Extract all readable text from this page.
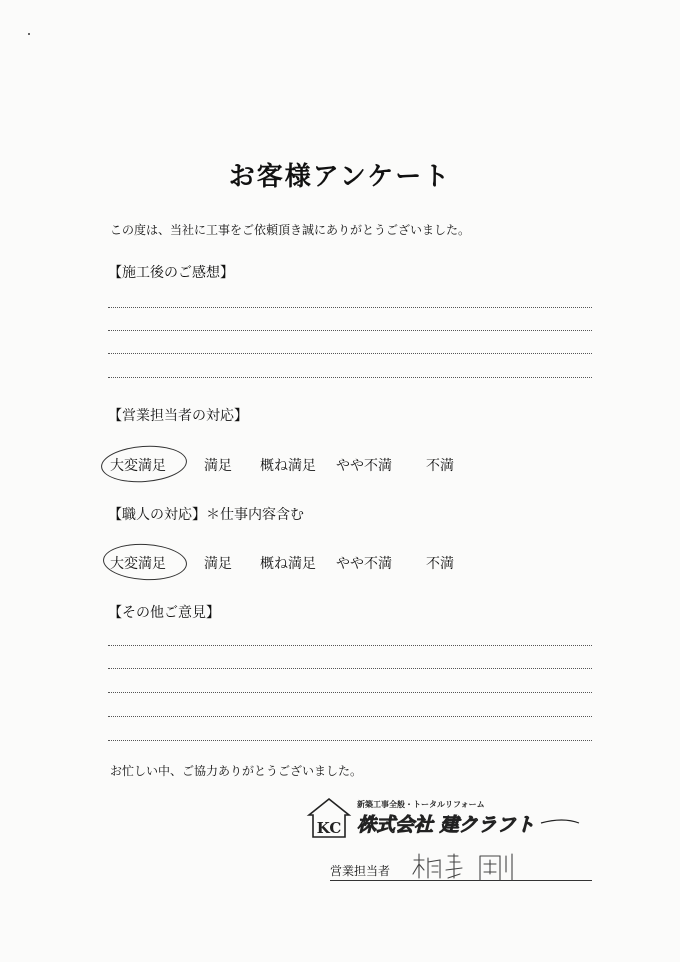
お客様アンケート
この度は、当社に工事をご依頼頂き誠にありがとうございました。
【施工後のご感想】
【営業担当者の対応】
大変満足	満足 概ね満足 やや不満 不満
【職人の対応】＊仕事内容含む
大変満足	満足 概ね満足 やや不満 不満
【その他ご意見】
お忙しい中、ご協力ありがとうございました。
KC
新築工事全般・トータルリフォーム
株式会社 建クラフト
営業担当者
